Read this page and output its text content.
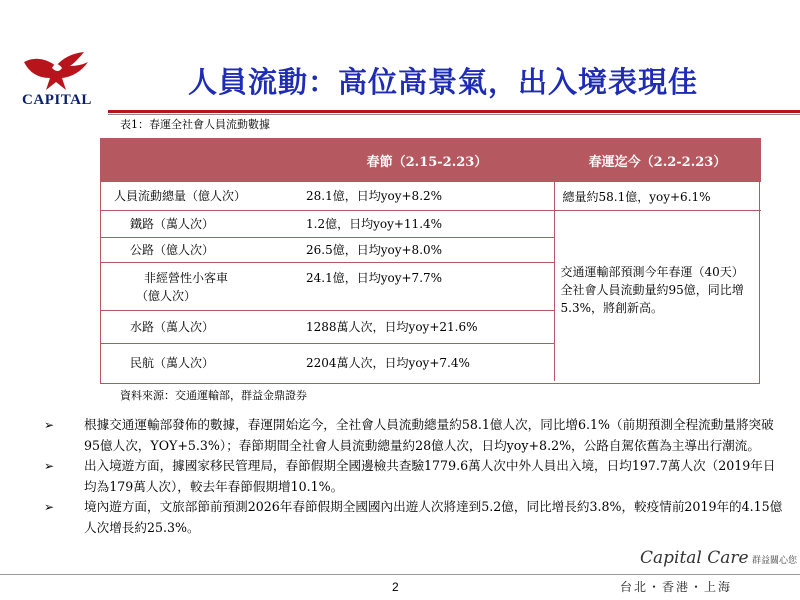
CAPITAL
人員流動：高位高景氣，出入境表現佳
表1：春運全社會人員流動數據
	春節（2.15-2.23）	春運迄今（2.2-2.23）
人員流動總量（億人次）	28.1億，日均yoy+8.2%	總量約58.1億，yoy+6.1%
鐵路（萬人次）	1.2億，日均yoy+11.4%	交通運輸部預測今年春運（40天）全社會人員流動量約95億，同比增5.3%，將創新高。

公路（億人次）	26.5億，日均yoy+8.0%	

非經營性小客車
（億人次）	24.1億，日均yoy+7.7%	
水路（萬人次）	1288萬人次，日均yoy+21.6%	
民航（萬人次）	2204萬人次，日均yoy+7.4%	
資料來源：交通運輸部，群益金鼎證券
➢ 根據交通運輸部發佈的數據，春運開始迄今，全社會人員流動總量約58.1億人次，同比增6.1%（前期預測全程流動量將突破95億人次，YOY+5.3%）；春節期間全社會人員流動總量約28億人次，日均yoy+8.2%，公路自駕依舊為主導出行潮流。
➢ 出入境遊方面，據國家移民管理局，春節假期全國邊檢共查驗1779.6萬人次中外人員出入境，日均197.7萬人次（2019年日均為179萬人次），較去年春節假期增10.1%。
➢ 境內遊方面，文旅部節前預測2026年春節假期全國國內出遊人次將達到5.2億，同比增長約3.8%，較疫情前2019年的4.15億人次增長約25.3%。
Capital Care 群益關心您
2	台北・香港・上海
